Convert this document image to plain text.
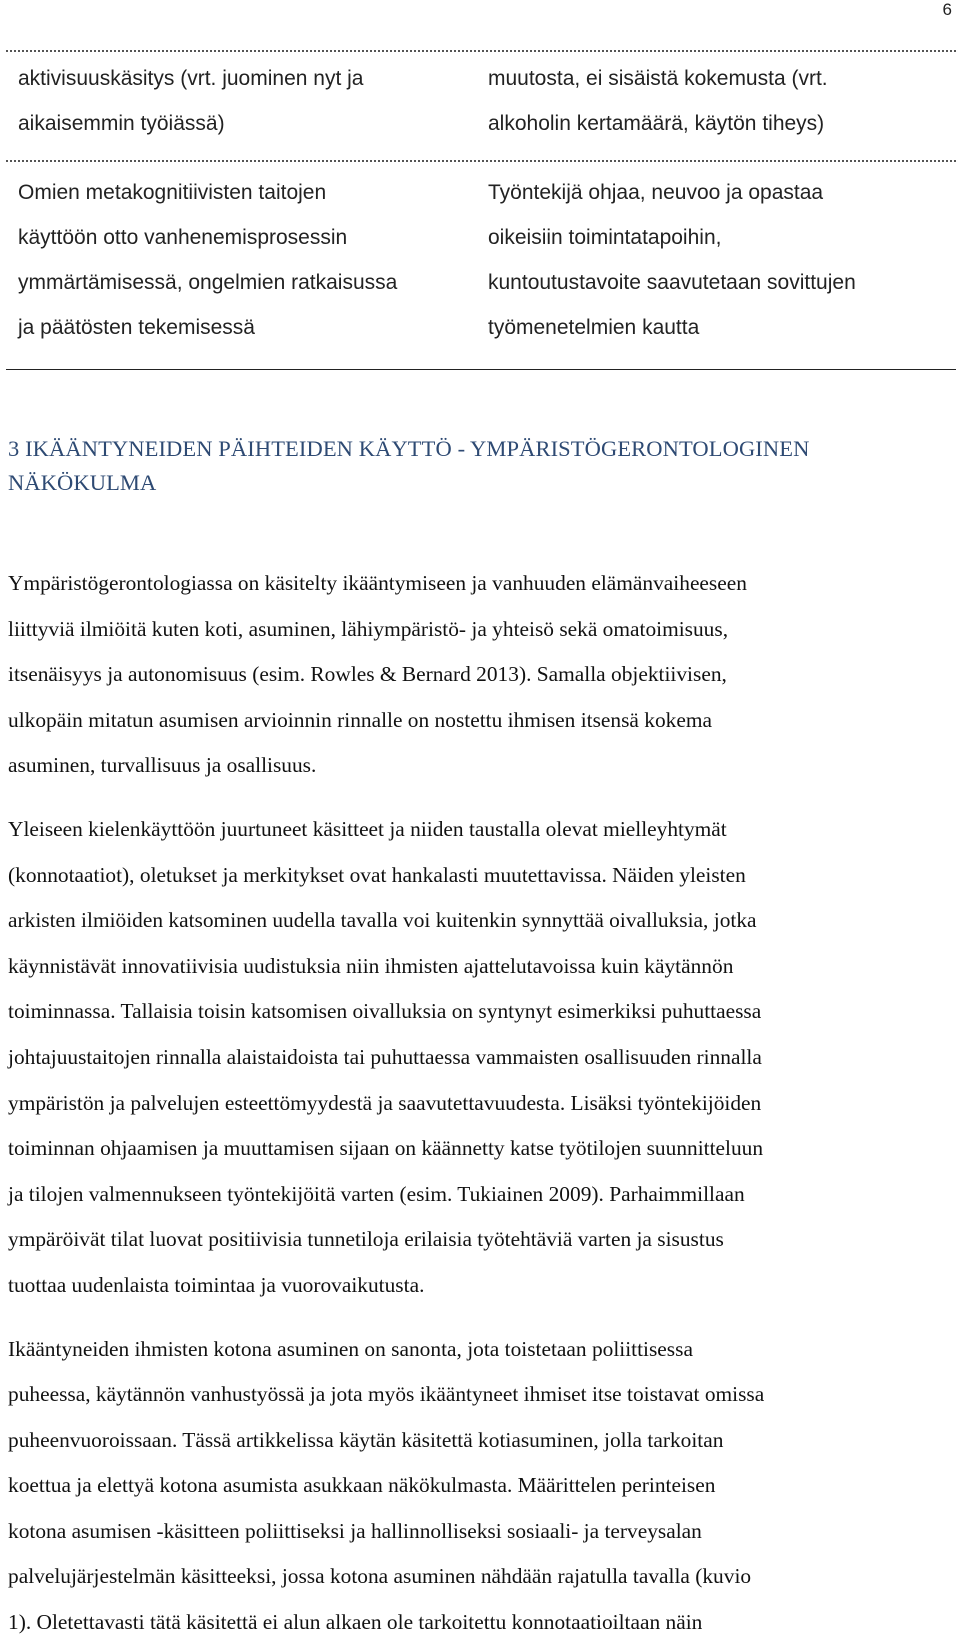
6
aktivisuuskäsitys (vrt. juominen nyt ja
aikaisemmin työiässä)
muutosta, ei sisäistä kokemusta (vrt.
alkoholin kertamäärä, käytön tiheys)
Omien metakognitiivisten taitojen
käyttöön otto vanhenemisprosessin
ymmärtämisessä, ongelmien ratkaisussa
ja päätösten tekemisessä
Työntekijä ohjaa, neuvoo ja opastaa
oikeisiin toimintatapoihin,
kuntoutustavoite saavutetaan sovittujen
työmenetelmien kautta
3 IKÄÄNTYNEIDEN PÄIHTEIDEN KÄYTTÖ - YMPÄRISTÖGERONTOLOGINEN
NÄKÖKULMA

Ympäristögerontologiassa on käsitelty ikääntymiseen ja vanhuuden elämänvaiheeseen
liittyviä ilmiöitä kuten koti, asuminen, lähiympäristö- ja yhteisö sekä omatoimisuus,
itsenäisyys ja autonomisuus (esim. Rowles & Bernard 2013). Samalla objektiivisen,
ulkopäin mitatun asumisen arvioinnin rinnalle on nostettu ihmisen itsensä kokema
asuminen, turvallisuus ja osallisuus.

Yleiseen kielenkäyttöön juurtuneet käsitteet ja niiden taustalla olevat mielleyhtymät
(konnotaatiot), oletukset ja merkitykset ovat hankalasti muutettavissa. Näiden yleisten
arkisten ilmiöiden katsominen uudella tavalla voi kuitenkin synnyttää oivalluksia, jotka
käynnistävät innovatiivisia uudistuksia niin ihmisten ajattelutavoissa kuin käytännön
toiminnassa. Tallaisia toisin katsomisen oivalluksia on syntynyt esimerkiksi puhuttaessa
johtajuustaitojen rinnalla alaistaidoista tai puhuttaessa vammaisten osallisuuden rinnalla
ympäristön ja palvelujen esteettömyydestä ja saavutettavuudesta. Lisäksi työntekijöiden
toiminnan ohjaamisen ja muuttamisen sijaan on käännetty katse työtilojen suunnitteluun
ja tilojen valmennukseen työntekijöitä varten (esim. Tukiainen 2009). Parhaimmillaan
ympäröivät tilat luovat positiivisia tunnetiloja erilaisia työtehtäviä varten ja sisustus
tuottaa uudenlaista toimintaa ja vuorovaikutusta.

Ikääntyneiden ihmisten kotona asuminen on sanonta, jota toistetaan poliittisessa
puheessa, käytännön vanhustyössä ja jota myös ikääntyneet ihmiset itse toistavat omissa
puheenvuoroissaan. Tässä artikkelissa käytän käsitettä kotiasuminen, jolla tarkoitan
koettua ja elettyä kotona asumista asukkaan näkökulmasta. Määrittelen perinteisen
kotona asumisen -käsitteen poliittiseksi ja hallinnolliseksi sosiaali- ja terveysalan
palvelujärjestelmän käsitteeksi, jossa kotona asuminen nähdään rajatulla tavalla (kuvio
1). Oletettavasti tätä käsitettä ei alun alkaen ole tarkoitettu konnotaatioiltaan näin
